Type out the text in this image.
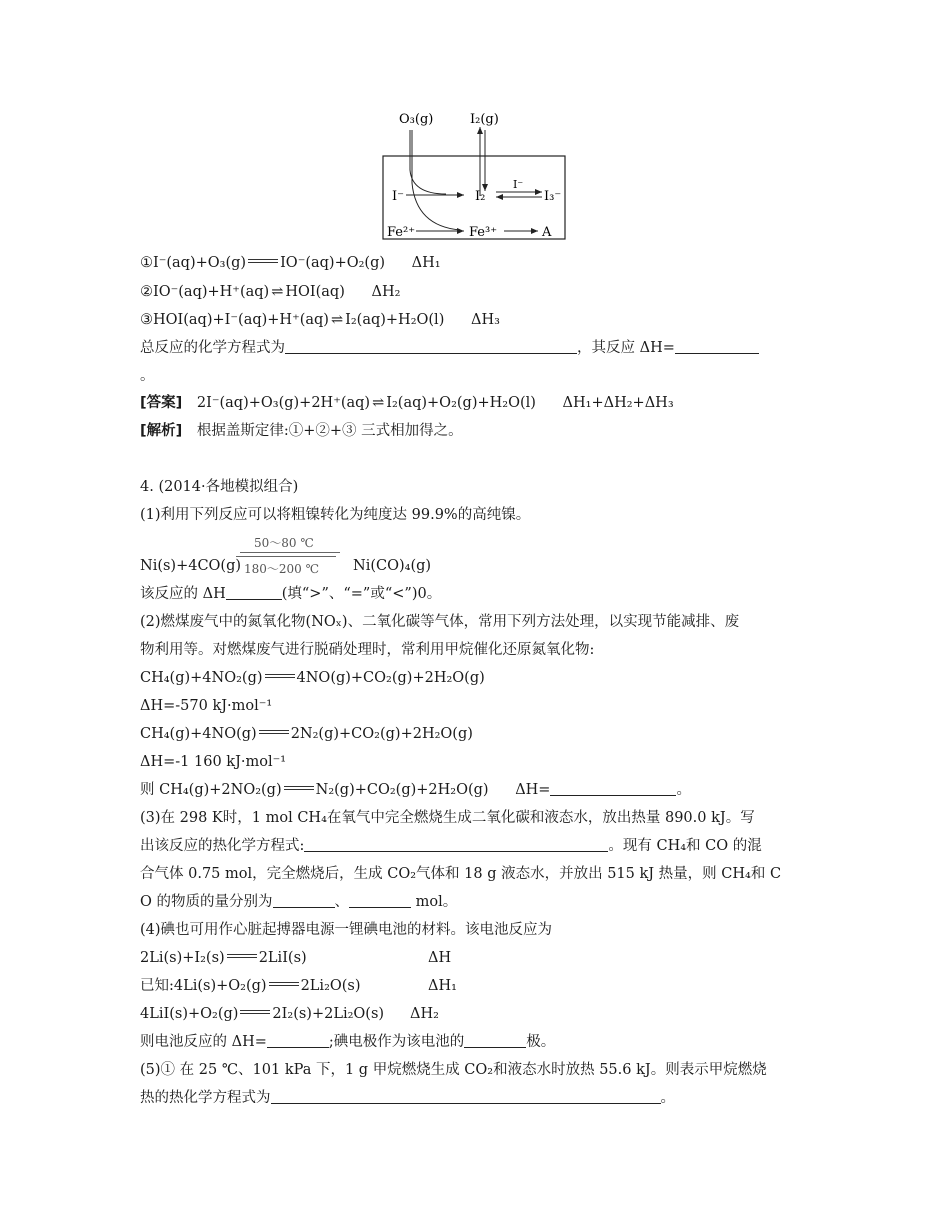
O₃(g)	I₂(g)
I⁻	I₂
I⁻
I₃⁻
Fe²⁺	Fe³⁺	A
①I⁻(aq)+O₃(g) IO⁻(aq)+O₂(g) ΔH₁
②IO⁻(aq)+H⁺(aq) ⇌ HOI(aq) ΔH₂
③HOI(aq)+I⁻(aq)+H⁺(aq) ⇌ I₂(aq)+H₂O(l) ΔH₃
总反应的化学方程式为	，其反应 ΔH=
。
[答案] 2I⁻(aq)+O₃(g)+2H⁺(aq) ⇌ I₂(aq)+O₂(g)+H₂O(l) ΔH₁+ΔH₂+ΔH₃
[解析] 根据盖斯定律:①+②+③ 三式相加得之。
4. (2014·各地模拟组合)
(1)利用下列反应可以将粗镍转化为纯度达 99.9%的高纯镍。
50～80 ℃
180～200 ℃
Ni(s)+4CO(g)	Ni(CO)₄(g)
该反应的 ΔH	(填“>”、“=”或“<”)0。
(2)燃煤废气中的氮氧化物(NOₓ)、二氧化碳等气体，常用下列方法处理，以实现节能减排、废
物利用等。对燃煤废气进行脱硝处理时，常利用甲烷催化还原氮氧化物:
CH₄(g)+4NO₂(g) 4NO(g)+CO₂(g)+2H₂O(g)
ΔH=-570 kJ·mol⁻¹
CH₄(g)+4NO(g) 2N₂(g)+CO₂(g)+2H₂O(g)
ΔH=-1 160 kJ·mol⁻¹
则 CH₄(g)+2NO₂(g) N₂(g)+CO₂(g)+2H₂O(g) ΔH=	。
(3)在 298 K时，1 mol CH₄在氧气中完全燃烧生成二氧化碳和液态水，放出热量 890.0 kJ。写
出该反应的热化学方程式:	。现有 CH₄和 CO 的混
合气体 0.75 mol，完全燃烧后，生成 CO₂气体和 18 g 液态水，并放出 515 kJ 热量，则 CH₄和 C
O 的物质的量分别为	、	mol。
(4)碘也可用作心脏起搏器电源一锂碘电池的材料。该电池反应为
2Li(s)+I₂(s) 2LiI(s)	ΔH
已知:4Li(s)+O₂(g) 2Li₂O(s)	ΔH₁
4LiI(s)+O₂(g) 2I₂(s)+2Li₂O(s) ΔH₂
则电池反应的 ΔH=	;碘电极作为该电池的	极。
(5)① 在 25 ℃、101 kPa 下，1 g 甲烷燃烧生成 CO₂和液态水时放热 55.6 kJ。则表示甲烷燃烧
热的热化学方程式为	。
